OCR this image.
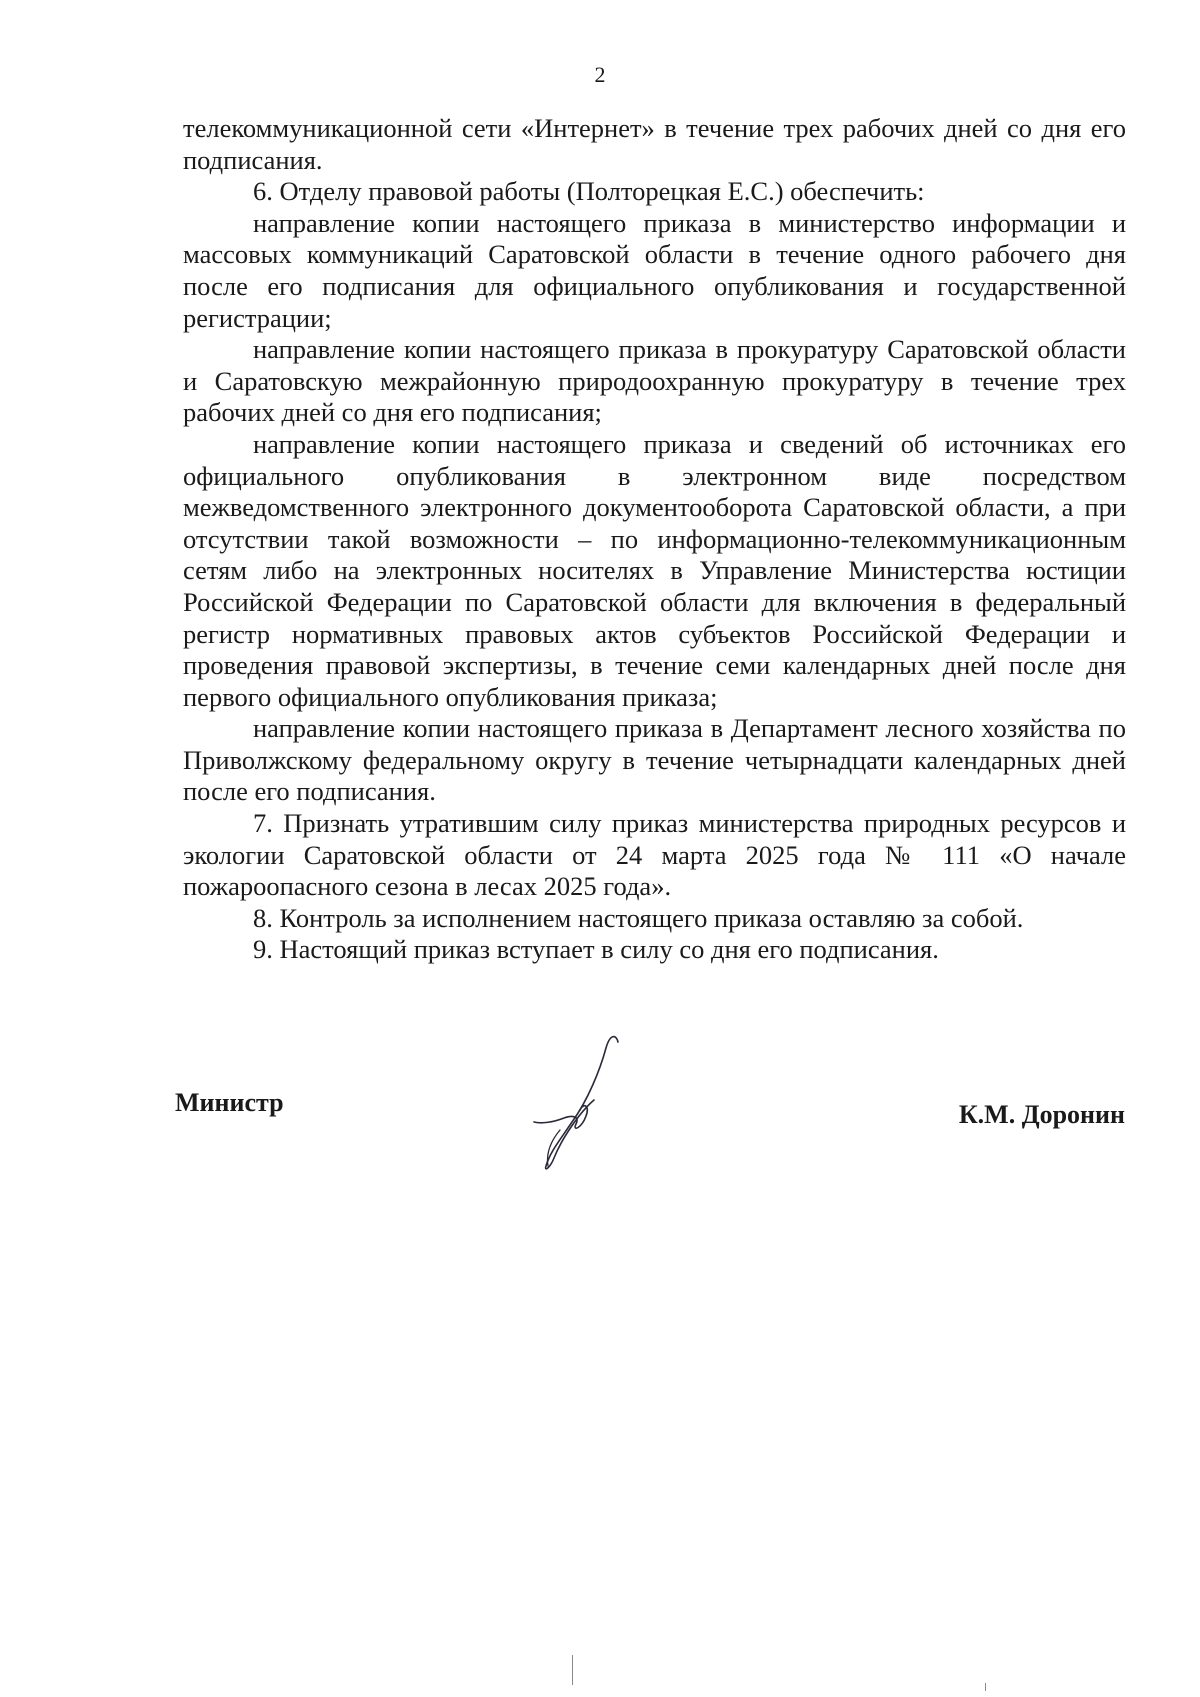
2

телекоммуникационной сети «Интернет» в течение трех рабочих дней со дня его подписания.

6. Отделу правовой работы (Полторецкая Е.С.) обеспечить:

направление копии настоящего приказа в министерство информации и массовых коммуникаций Саратовской области в течение одного рабочего дня после его подписания для официального опубликования и государственной регистрации;

направление копии настоящего приказа в прокуратуру Саратовской области и Саратовскую межрайонную природоохранную прокуратуру в течение трех рабочих дней со дня его подписания;

направление копии настоящего приказа и сведений об источниках его официального опубликования в электронном виде посредством межведомственного электронного документооборота Саратовской области, а при отсутствии такой возможности – по информационно-телекоммуникационным сетям либо на электронных носителях в Управление Министерства юстиции Российской Федерации по Саратовской области для включения в федеральный регистр нормативных правовых актов субъектов Российской Федерации и проведения правовой экспертизы, в течение семи календарных дней после дня первого официального опубликования приказа;

направление копии настоящего приказа в Департамент лесного хозяйства по Приволжскому федеральному округу в течение четырнадцати календарных дней после его подписания.

7. Признать утратившим силу приказ министерства природных ресурсов и экологии Саратовской области от 24 марта 2025 года № 111 «О начале пожароопасного сезона в лесах 2025 года».

8. Контроль за исполнением настоящего приказа оставляю за собой.

9. Настоящий приказ вступает в силу со дня его подписания.

Министр	К.М. Доронин
